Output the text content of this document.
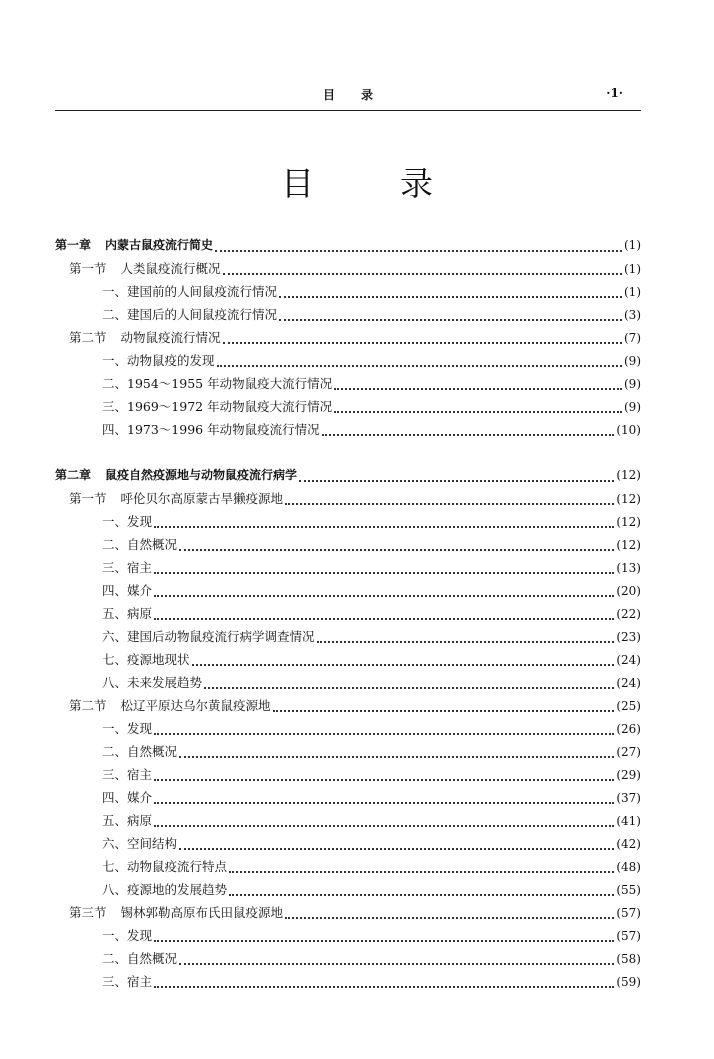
目录	·1·
目录
第一章 内蒙古鼠疫流行简史	(1)
第一节 人类鼠疫流行概况	(1)
一、建国前的人间鼠疫流行情况	(1)
二、建国后的人间鼠疫流行情况	(3)
第二节 动物鼠疫流行情况	(7)
一、动物鼠疫的发现	(9)
二、1954～1955 年动物鼠疫大流行情况	(9)
三、1969～1972 年动物鼠疫大流行情况	(9)
四、1973～1996 年动物鼠疫流行情况	(10)
第二章 鼠疫自然疫源地与动物鼠疫流行病学	(12)
第一节 呼伦贝尔高原蒙古旱獭疫源地	(12)
一、发现	(12)
二、自然概况	(12)
三、宿主	(13)
四、媒介	(20)
五、病原	(22)
六、建国后动物鼠疫流行病学调查情况	(23)
七、疫源地现状	(24)
八、未来发展趋势	(24)
第二节 松辽平原达乌尔黄鼠疫源地	(25)
一、发现	(26)
二、自然概况	(27)
三、宿主	(29)
四、媒介	(37)
五、病原	(41)
六、空间结构	(42)
七、动物鼠疫流行特点	(48)
八、疫源地的发展趋势	(55)
第三节 锡林郭勒高原布氏田鼠疫源地	(57)
一、发现	(57)
二、自然概况	(58)
三、宿主	(59)
